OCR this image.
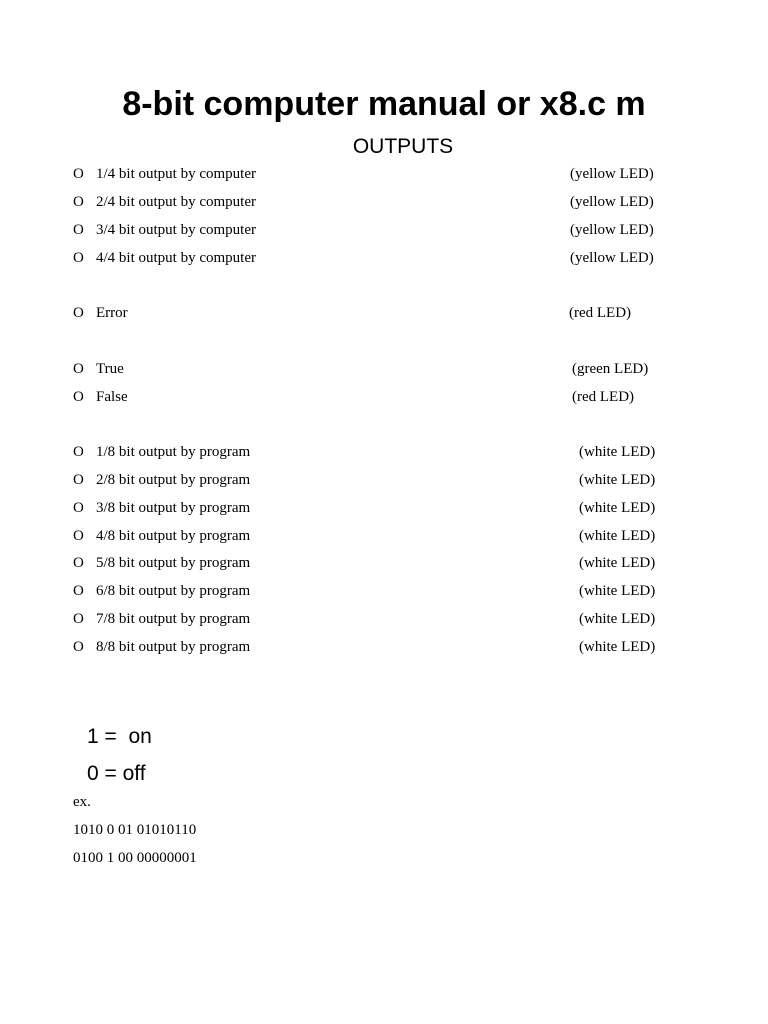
8-bit computer manual or x8.c m
OUTPUTS
O 1/4 bit output by computer	(yellow LED)
O 2/4 bit output by computer	(yellow LED)
O 3/4 bit output by computer	(yellow LED)
O 4/4 bit output by computer	(yellow LED)
O Error	(red LED)
O True	(green LED)
O False	(red LED)
O 1/8 bit output by program	(white LED)
O 2/8 bit output by program	(white LED)
O 3/8 bit output by program	(white LED)
O 4/8 bit output by program	(white LED)
O 5/8 bit output by program	(white LED)
O 6/8 bit output by program	(white LED)
O 7/8 bit output by program	(white LED)
O 8/8 bit output by program	(white LED)
1 =  on
0 = off
ex.
1010 0 01 01010110
0100 1 00 00000001
